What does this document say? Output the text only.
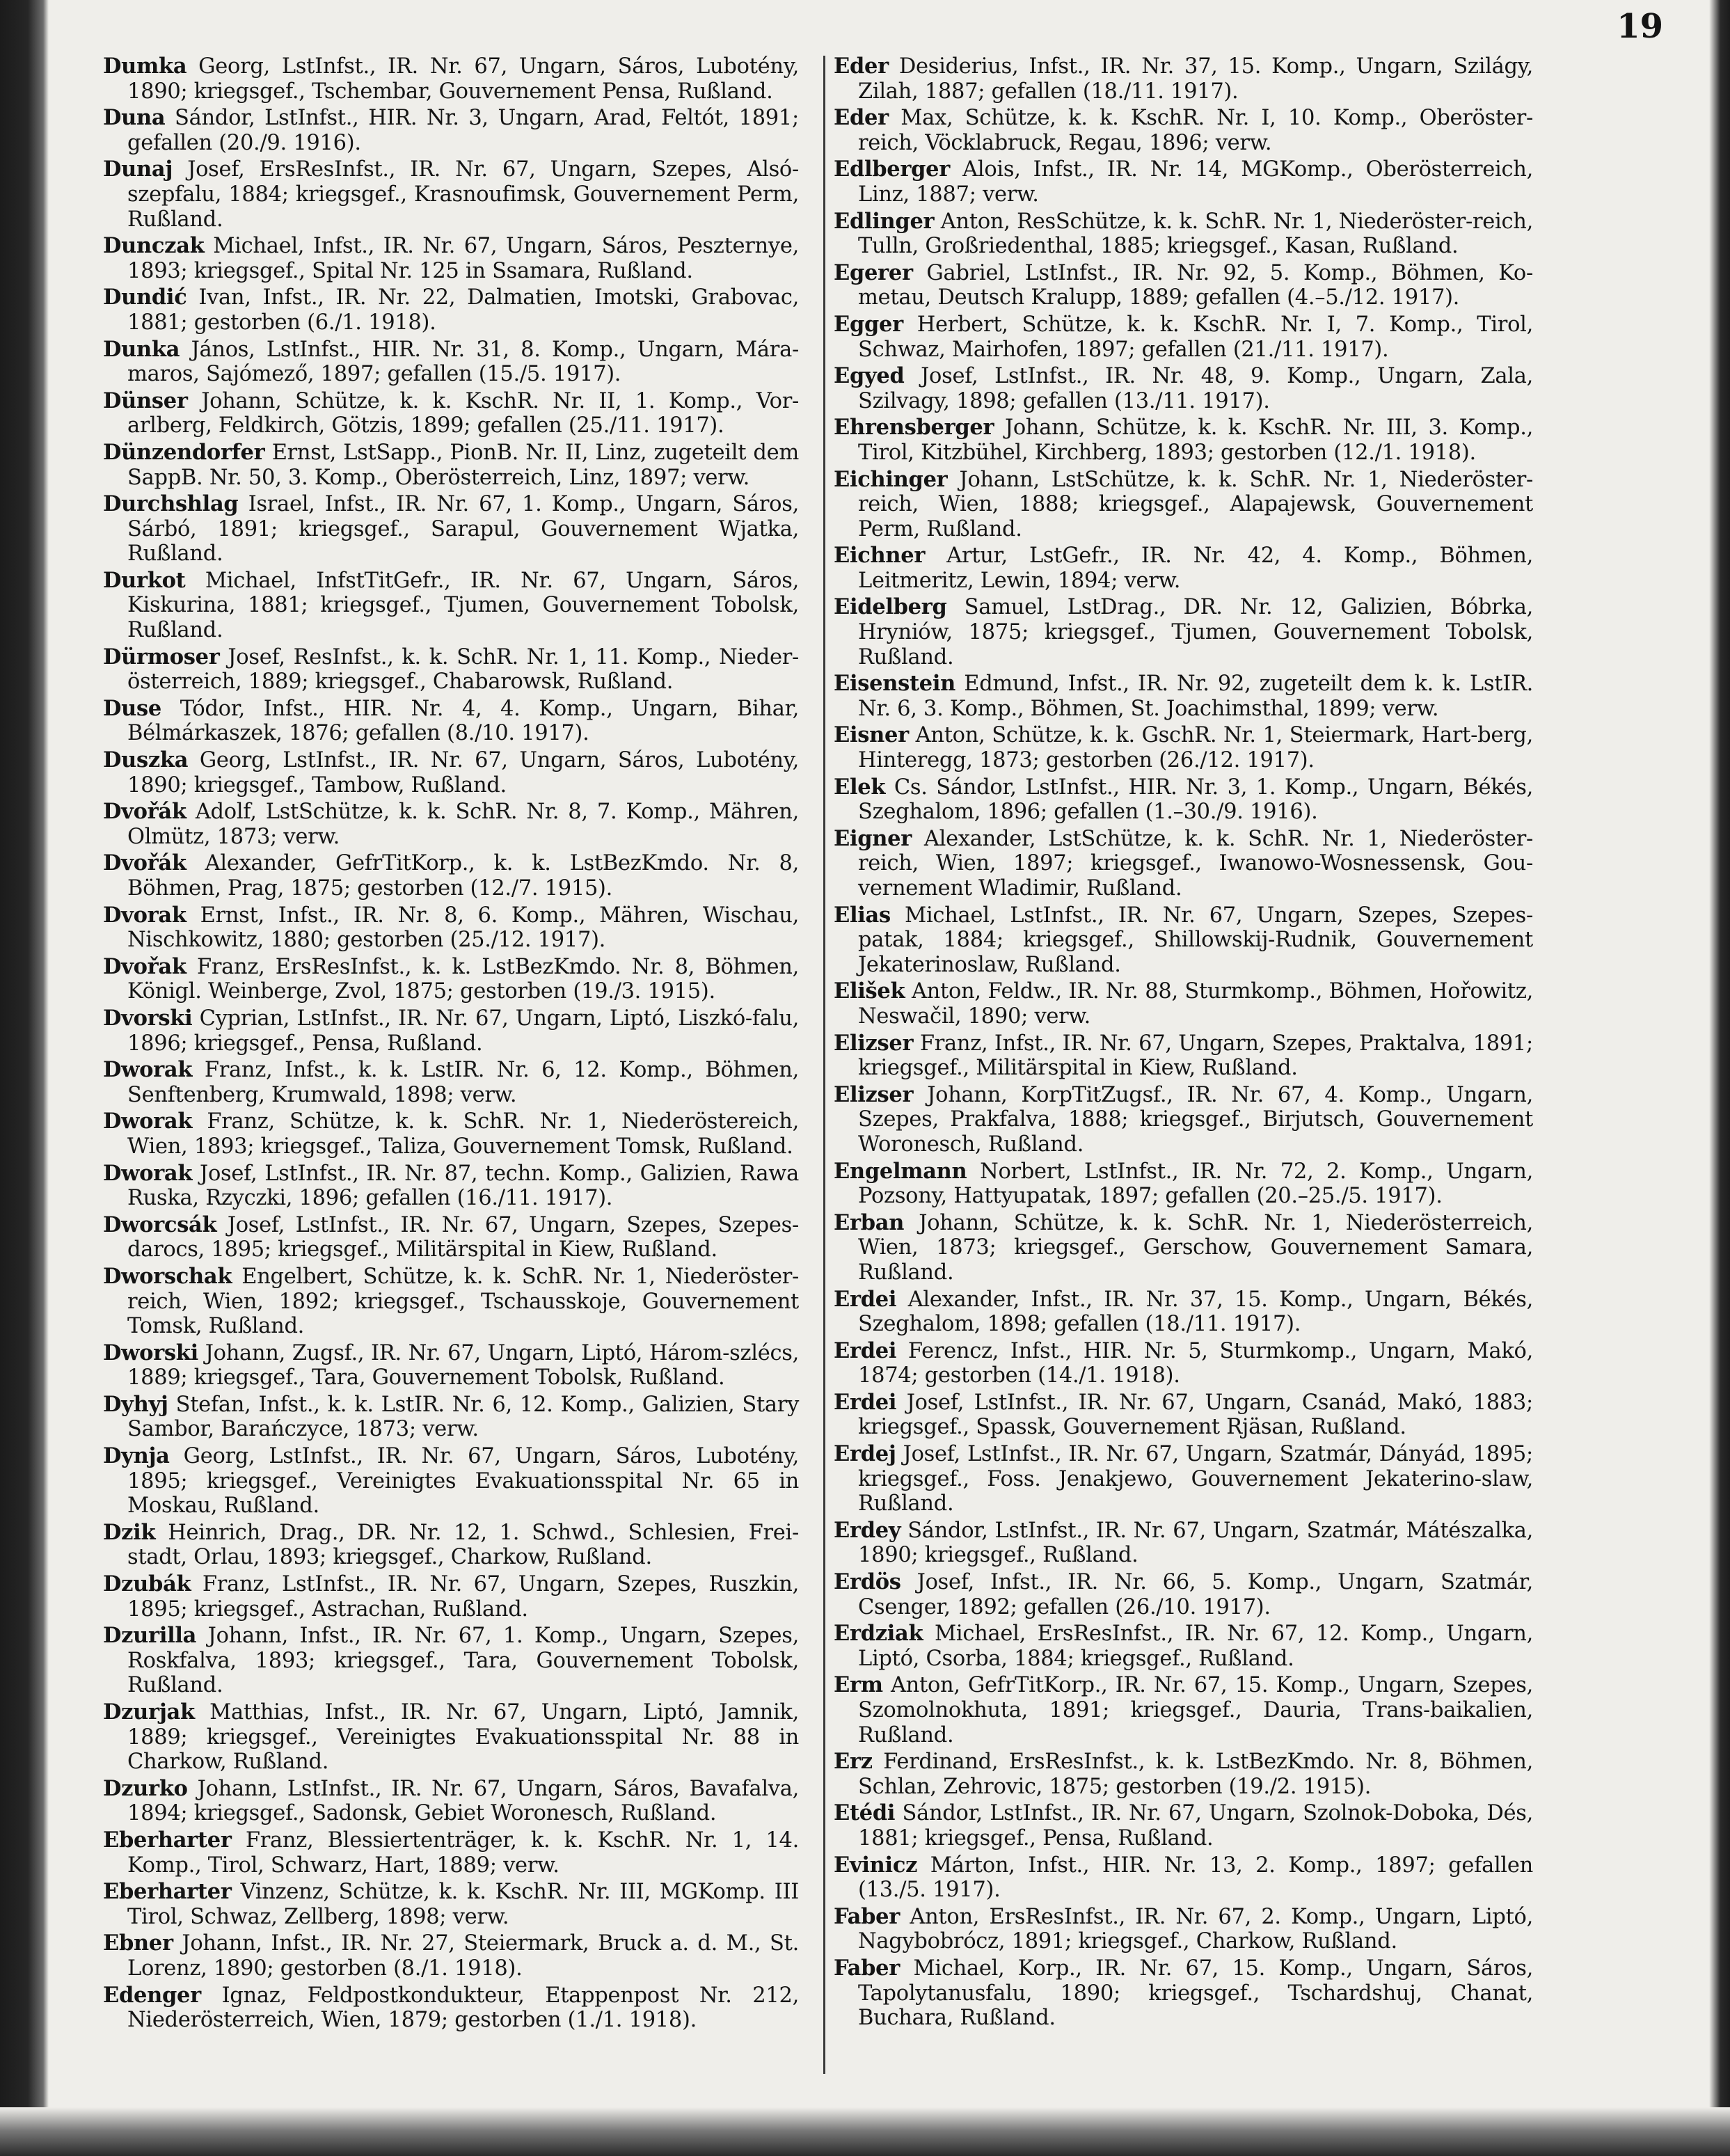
19

Dumka Georg, LstInfst., IR. Nr. 67, Ungarn, Sáros, Lubotény, 1890; kriegsgef., Tschembar, Gouvernement Pensa, Rußland.

Duna Sándor, LstInfst., HIR. Nr. 3, Ungarn, Arad, Feltót, 1891; gefallen (20./9. 1916).

Dunaj Josef, ErsResInfst., IR. Nr. 67, Ungarn, Szepes, Alsó-szepfalu, 1884; kriegsgef., Krasnoufimsk, Gouvernement Perm, Rußland.

Dunczak Michael, Infst., IR. Nr. 67, Ungarn, Sáros, Peszternye, 1893; kriegsgef., Spital Nr. 125 in Ssamara, Rußland.

Dundić Ivan, Infst., IR. Nr. 22, Dalmatien, Imotski, Grabovac, 1881; gestorben (6./1. 1918).

Dunka János, LstInfst., HIR. Nr. 31, 8. Komp., Ungarn, Mára-maros, Sajómező, 1897; gefallen (15./5. 1917).

Dünser Johann, Schütze, k. k. KschR. Nr. II, 1. Komp., Vor-arlberg, Feldkirch, Götzis, 1899; gefallen (25./11. 1917).

Dünzendorfer Ernst, LstSapp., PionB. Nr. II, Linz, zugeteilt dem SappB. Nr. 50, 3. Komp., Oberösterreich, Linz, 1897; verw.

Durchshlag Israel, Infst., IR. Nr. 67, 1. Komp., Ungarn, Sáros, Sárbó, 1891; kriegsgef., Sarapul, Gouvernement Wjatka, Rußland.

Durkot Michael, InfstTitGefr., IR. Nr. 67, Ungarn, Sáros, Kiskurina, 1881; kriegsgef., Tjumen, Gouvernement Tobolsk, Rußland.

Dürmoser Josef, ResInfst., k. k. SchR. Nr. 1, 11. Komp., Nieder-österreich, 1889; kriegsgef., Chabarowsk, Rußland.

Duse Tódor, Infst., HIR. Nr. 4, 4. Komp., Ungarn, Bihar, Bélmárkaszek, 1876; gefallen (8./10. 1917).

Duszka Georg, LstInfst., IR. Nr. 67, Ungarn, Sáros, Lubotény, 1890; kriegsgef., Tambow, Rußland.

Dvořák Adolf, LstSchütze, k. k. SchR. Nr. 8, 7. Komp., Mähren, Olmütz, 1873; verw.

Dvořák Alexander, GefrTitKorp., k. k. LstBezKmdo. Nr. 8, Böhmen, Prag, 1875; gestorben (12./7. 1915).

Dvorak Ernst, Infst., IR. Nr. 8, 6. Komp., Mähren, Wischau, Nischkowitz, 1880; gestorben (25./12. 1917).

Dvořak Franz, ErsResInfst., k. k. LstBezKmdo. Nr. 8, Böhmen, Königl. Weinberge, Zvol, 1875; gestorben (19./3. 1915).

Dvorski Cyprian, LstInfst., IR. Nr. 67, Ungarn, Liptó, Liszkó-falu, 1896; kriegsgef., Pensa, Rußland.

Dworak Franz, Infst., k. k. LstIR. Nr. 6, 12. Komp., Böhmen, Senftenberg, Krumwald, 1898; verw.

Dworak Franz, Schütze, k. k. SchR. Nr. 1, Niederöstereich, Wien, 1893; kriegsgef., Taliza, Gouvernement Tomsk, Rußland.

Dworak Josef, LstInfst., IR. Nr. 87, techn. Komp., Galizien, Rawa Ruska, Rzyczki, 1896; gefallen (16./11. 1917).

Dworcsák Josef, LstInfst., IR. Nr. 67, Ungarn, Szepes, Szepes-darocs, 1895; kriegsgef., Militärspital in Kiew, Rußland.

Dworschak Engelbert, Schütze, k. k. SchR. Nr. 1, Niederöster-reich, Wien, 1892; kriegsgef., Tschausskoje, Gouvernement Tomsk, Rußland.

Dworski Johann, Zugsf., IR. Nr. 67, Ungarn, Liptó, Három-szlécs, 1889; kriegsgef., Tara, Gouvernement Tobolsk, Rußland.

Dyhyj Stefan, Infst., k. k. LstIR. Nr. 6, 12. Komp., Galizien, Stary Sambor, Barańczyce, 1873; verw.

Dynja Georg, LstInfst., IR. Nr. 67, Ungarn, Sáros, Lubotény, 1895; kriegsgef., Vereinigtes Evakuationsspital Nr. 65 in Moskau, Rußland.

Dzik Heinrich, Drag., DR. Nr. 12, 1. Schwd., Schlesien, Frei-stadt, Orlau, 1893; kriegsgef., Charkow, Rußland.

Dzubák Franz, LstInfst., IR. Nr. 67, Ungarn, Szepes, Ruszkin, 1895; kriegsgef., Astrachan, Rußland.

Dzurilla Johann, Infst., IR. Nr. 67, 1. Komp., Ungarn, Szepes, Roskfalva, 1893; kriegsgef., Tara, Gouvernement Tobolsk, Rußland.

Dzurjak Matthias, Infst., IR. Nr. 67, Ungarn, Liptó, Jamnik, 1889; kriegsgef., Vereinigtes Evakuationsspital Nr. 88 in Charkow, Rußland.

Dzurko Johann, LstInfst., IR. Nr. 67, Ungarn, Sáros, Bavafalva, 1894; kriegsgef., Sadonsk, Gebiet Woronesch, Rußland.

Eberharter Franz, Blessiertenträger, k. k. KschR. Nr. 1, 14. Komp., Tirol, Schwarz, Hart, 1889; verw.

Eberharter Vinzenz, Schütze, k. k. KschR. Nr. III, MGKomp. III Tirol, Schwaz, Zellberg, 1898; verw.

Ebner Johann, Infst., IR. Nr. 27, Steiermark, Bruck a. d. M., St. Lorenz, 1890; gestorben (8./1. 1918).

Edenger Ignaz, Feldpostkondukteur, Etappenpost Nr. 212, Niederösterreich, Wien, 1879; gestorben (1./1. 1918).

Eder Desiderius, Infst., IR. Nr. 37, 15. Komp., Ungarn, Szilágy, Zilah, 1887; gefallen (18./11. 1917).

Eder Max, Schütze, k. k. KschR. Nr. I, 10. Komp., Oberöster-reich, Vöcklabruck, Regau, 1896; verw.

Edlberger Alois, Infst., IR. Nr. 14, MGKomp., Oberösterreich, Linz, 1887; verw.

Edlinger Anton, ResSchütze, k. k. SchR. Nr. 1, Niederöster-reich, Tulln, Großriedenthal, 1885; kriegsgef., Kasan, Rußland.

Egerer Gabriel, LstInfst., IR. Nr. 92, 5. Komp., Böhmen, Ko-metau, Deutsch Kralupp, 1889; gefallen (4.–5./12. 1917).

Egger Herbert, Schütze, k. k. KschR. Nr. I, 7. Komp., Tirol, Schwaz, Mairhofen, 1897; gefallen (21./11. 1917).

Egyed Josef, LstInfst., IR. Nr. 48, 9. Komp., Ungarn, Zala, Szilvagy, 1898; gefallen (13./11. 1917).

Ehrensberger Johann, Schütze, k. k. KschR. Nr. III, 3. Komp., Tirol, Kitzbühel, Kirchberg, 1893; gestorben (12./1. 1918).

Eichinger Johann, LstSchütze, k. k. SchR. Nr. 1, Niederöster-reich, Wien, 1888; kriegsgef., Alapajewsk, Gouvernement Perm, Rußland.

Eichner Artur, LstGefr., IR. Nr. 42, 4. Komp., Böhmen, Leitmeritz, Lewin, 1894; verw.

Eidelberg Samuel, LstDrag., DR. Nr. 12, Galizien, Bóbrka, Hryniów, 1875; kriegsgef., Tjumen, Gouvernement Tobolsk, Rußland.

Eisenstein Edmund, Infst., IR. Nr. 92, zugeteilt dem k. k. LstIR. Nr. 6, 3. Komp., Böhmen, St. Joachimsthal, 1899; verw.

Eisner Anton, Schütze, k. k. GschR. Nr. 1, Steiermark, Hart-berg, Hinteregg, 1873; gestorben (26./12. 1917).

Elek Cs. Sándor, LstInfst., HIR. Nr. 3, 1. Komp., Ungarn, Békés, Szeghalom, 1896; gefallen (1.–30./9. 1916).

Eigner Alexander, LstSchütze, k. k. SchR. Nr. 1, Niederöster-reich, Wien, 1897; kriegsgef., Iwanowo-Wosnessensk, Gou-vernement Wladimir, Rußland.

Elias Michael, LstInfst., IR. Nr. 67, Ungarn, Szepes, Szepes-patak, 1884; kriegsgef., Shillowskij-Rudnik, Gouvernement Jekaterinoslaw, Rußland.

Elišek Anton, Feldw., IR. Nr. 88, Sturmkomp., Böhmen, Hořowitz, Neswačil, 1890; verw.

Elizser Franz, Infst., IR. Nr. 67, Ungarn, Szepes, Praktalva, 1891; kriegsgef., Militärspital in Kiew, Rußland.

Elizser Johann, KorpTitZugsf., IR. Nr. 67, 4. Komp., Ungarn, Szepes, Prakfalva, 1888; kriegsgef., Birjutsch, Gouvernement Woronesch, Rußland.

Engelmann Norbert, LstInfst., IR. Nr. 72, 2. Komp., Ungarn, Pozsony, Hattyupatak, 1897; gefallen (20.–25./5. 1917).

Erban Johann, Schütze, k. k. SchR. Nr. 1, Niederösterreich, Wien, 1873; kriegsgef., Gerschow, Gouvernement Samara, Rußland.

Erdei Alexander, Infst., IR. Nr. 37, 15. Komp., Ungarn, Békés, Szeghalom, 1898; gefallen (18./11. 1917).

Erdei Ferencz, Infst., HIR. Nr. 5, Sturmkomp., Ungarn, Makó, 1874; gestorben (14./1. 1918).

Erdei Josef, LstInfst., IR. Nr. 67, Ungarn, Csanád, Makó, 1883; kriegsgef., Spassk, Gouvernement Rjäsan, Rußland.

Erdej Josef, LstInfst., IR. Nr. 67, Ungarn, Szatmár, Dányád, 1895; kriegsgef., Foss. Jenakjewo, Gouvernement Jekaterino-slaw, Rußland.

Erdey Sándor, LstInfst., IR. Nr. 67, Ungarn, Szatmár, Mátészalka, 1890; kriegsgef., Rußland.

Erdös Josef, Infst., IR. Nr. 66, 5. Komp., Ungarn, Szatmár, Csenger, 1892; gefallen (26./10. 1917).

Erdziak Michael, ErsResInfst., IR. Nr. 67, 12. Komp., Ungarn, Liptó, Csorba, 1884; kriegsgef., Rußland.

Erm Anton, GefrTitKorp., IR. Nr. 67, 15. Komp., Ungarn, Szepes, Szomolnokhuta, 1891; kriegsgef., Dauria, Trans-baikalien, Rußland.

Erz Ferdinand, ErsResInfst., k. k. LstBezKmdo. Nr. 8, Böhmen, Schlan, Zehrovic, 1875; gestorben (19./2. 1915).

Etédi Sándor, LstInfst., IR. Nr. 67, Ungarn, Szolnok-Doboka, Dés, 1881; kriegsgef., Pensa, Rußland.

Evinicz Márton, Infst., HIR. Nr. 13, 2. Komp., 1897; gefallen (13./5. 1917).

Faber Anton, ErsResInfst., IR. Nr. 67, 2. Komp., Ungarn, Liptó, Nagybobrócz, 1891; kriegsgef., Charkow, Rußland.

Faber Michael, Korp., IR. Nr. 67, 15. Komp., Ungarn, Sáros, Tapolytanusfalu, 1890; kriegsgef., Tschardshuj, Chanat, Buchara, Rußland.
